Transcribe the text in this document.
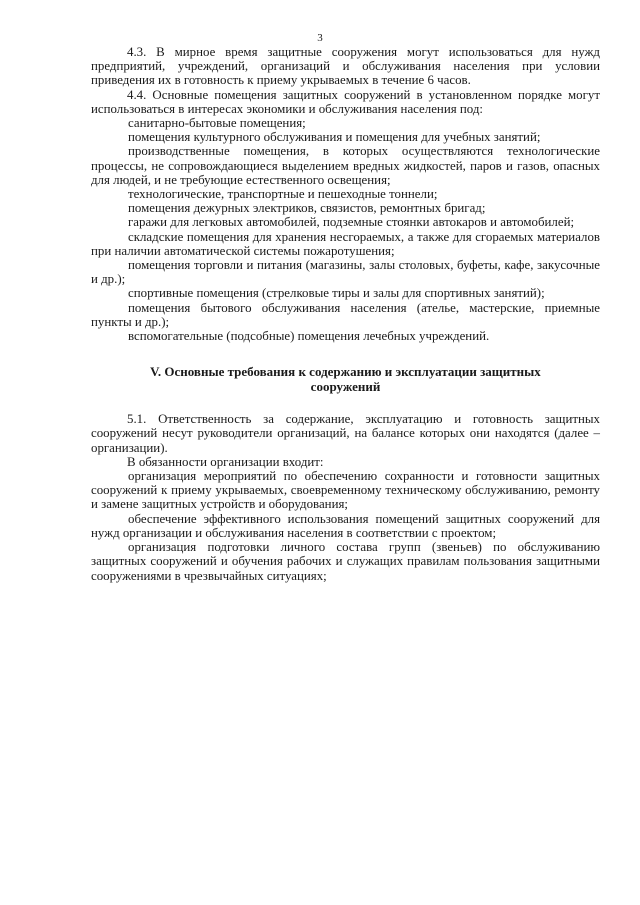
3

4.3. В мирное время защитные сооружения могут использоваться для нужд предприятий, учреждений, организаций и обслуживания населения при условии приведения их в готовность к приему укрываемых в течение 6 часов.

4.4. Основные помещения защитных сооружений в установленном порядке могут использоваться в интересах экономики и обслуживания населения под:

санитарно-бытовые помещения;

помещения культурного обслуживания и помещения для учебных занятий;

производственные помещения, в которых осуществляются технологические процессы, не сопровождающиеся выделением вредных жидкостей, паров и газов, опасных для людей, и не требующие естественного освещения;

технологические, транспортные и пешеходные тоннели;

помещения дежурных электриков, связистов, ремонтных бригад;

гаражи для легковых автомобилей, подземные стоянки автокаров и автомобилей;

складские помещения для хранения несгораемых, а также для сгораемых материалов при наличии автоматической системы пожаротушения;

помещения торговли и питания (магазины, залы столовых, буфеты, кафе, закусочные и др.);

спортивные помещения (стрелковые тиры и залы для спортивных занятий);

помещения бытового обслуживания населения (ателье, мастерские, приемные пункты и др.);

вспомогательные (подсобные) помещения лечебных учреждений.

V. Основные требования к содержанию и эксплуатации защитных сооружений

5.1. Ответственность за содержание, эксплуатацию и готовность защитных сооружений несут руководители организаций, на балансе которых они находятся (далее – организации).

В обязанности организации входит:

организация мероприятий по обеспечению сохранности и готовности защитных сооружений к приему укрываемых, своевременному техническому обслуживанию, ремонту и замене защитных устройств и оборудования;

обеспечение эффективного использования помещений защитных сооружений для нужд организации и обслуживания населения в соответствии с проектом;

организация подготовки личного состава групп (звеньев) по обслуживанию защитных сооружений и обучения рабочих и служащих правилам пользования защитными сооружениями в чрезвычайных ситуациях;
